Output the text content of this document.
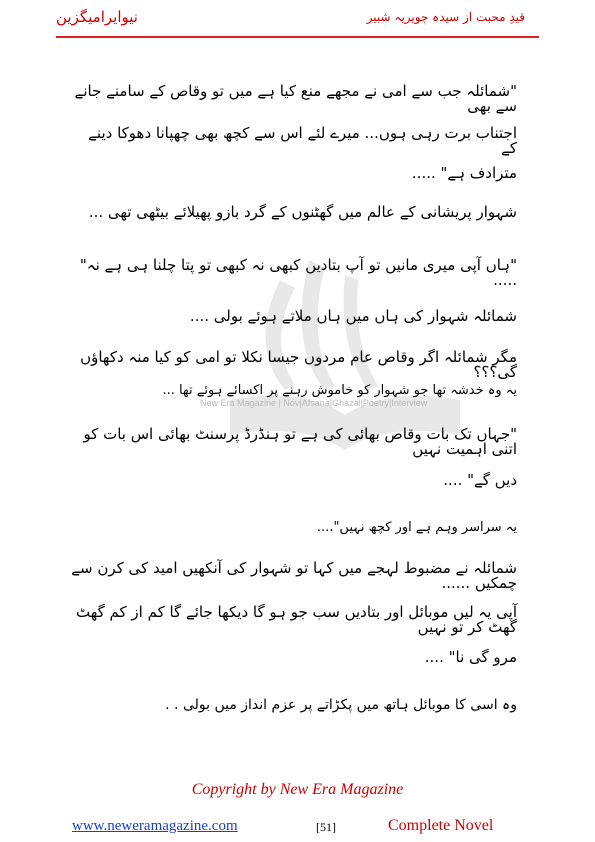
نیوایرامیگزین	قیدِ محبت از سیدہ جویریہ شبیر
New Era Magazine | Nov|Afsana|Ghazal|Poetry|Interview

"شمائلہ جب سے امی نے مجھے منع کیا ہے میں تو وقاص کے سامنے جانے سے بھی

اجتناب برت رہی ہوں... میرے لئے اس سے کچھ بھی چھپانا دھوکا دینے کے

مترادف ہے" .....

شہوار پریشانی کے عالم میں گھٹنوں کے گرد بازو پھیلائے بیٹھی تھی ...

"ہاں آپی میری مانیں تو آپ بتادیں کبھی نہ کبھی تو پتا چلنا ہی ہے نہ" .....

شمائلہ شہوار کی ہاں میں ہاں ملاتے ہوئے بولی ....

مگر شمائلہ اگر وقاص عام مردوں جیسا نکلا تو امی کو کیا منہ دکھاؤں گی؟؟؟

یہ وہ خدشہ تھا جو شہوار کو خاموش رہنے پر اکسائے ہوئے تھا ...

"جہاں تک بات وقاص بھائی کی ہے تو ہنڈرڈ پرسنٹ بھائی اس بات کو اتنی اہمیت نہیں

دیں گے" ....

یہ سراسر وہم ہے اور کچھ نہیں"....

شمائلہ نے مضبوط لہجے میں کہا تو شہوار کی آنکھیں امید کی کرن سے چمکیں ......

آپی یہ لیں موبائل اور بتادیں سب جو ہو گا دیکھا جائے گا کم از کم گھٹ گھٹ کر تو نہیں

مرو گی نا" ....

وہ اسی کا موبائل ہاتھ میں پکڑاتے پر عزم انداز میں بولی . .

Copyright by New Era Magazine
www.neweramagazine.com	[51]	Complete Novel
